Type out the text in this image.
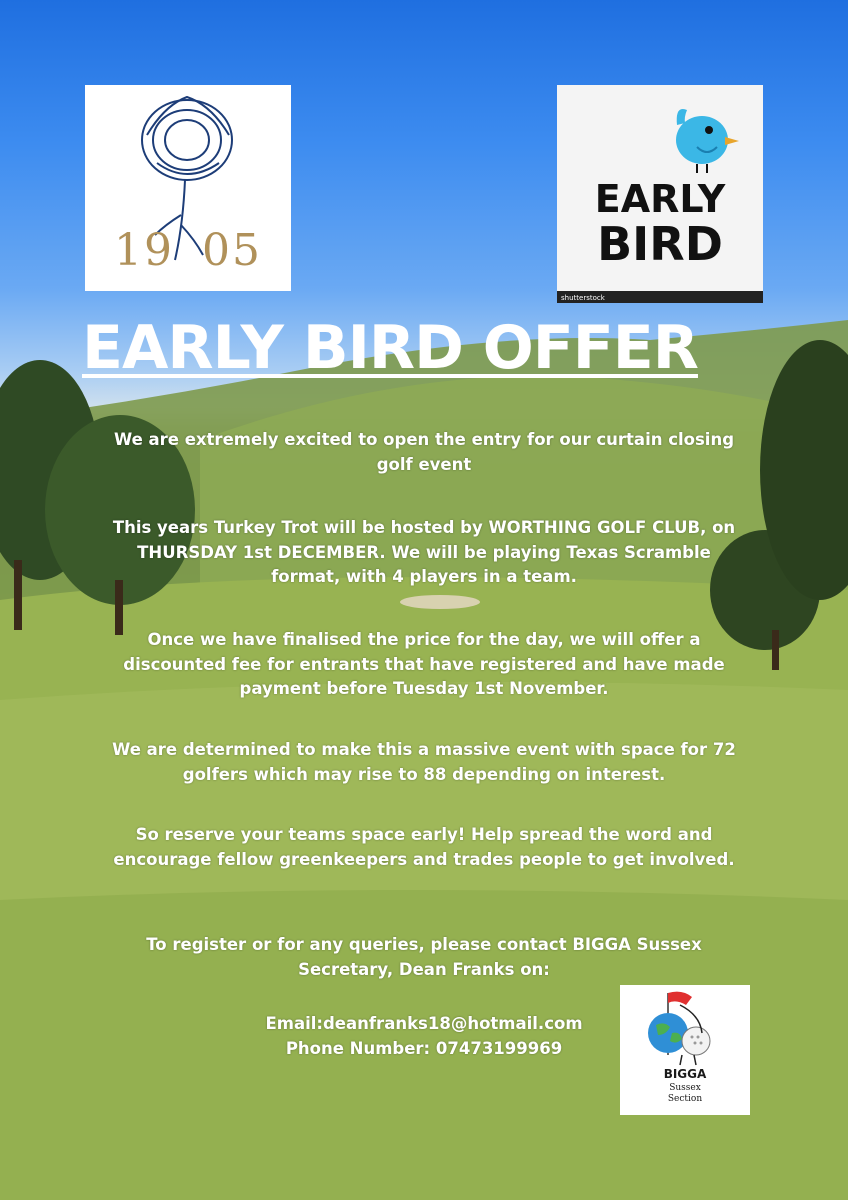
19 05
EARLY
BIRD
shutterstock
EARLY BIRD OFFER
We are extremely excited to open the entry for our curtain closing golf event
This years Turkey Trot will be hosted by WORTHING GOLF CLUB, on THURSDAY 1st DECEMBER. We will be playing Texas Scramble format, with 4 players in a team.
Once we have finalised the price for the day, we will offer a discounted fee for entrants that have registered and have made payment before Tuesday 1st November.
We are determined to make this a massive event with space for 72 golfers which may rise to 88 depending on interest.
So reserve your teams space early! Help spread the word and encourage fellow greenkeepers and trades people to get involved.
To register or for any queries, please contact BIGGA Sussex Secretary, Dean Franks on:
Email:deanfranks18@hotmail.com
Phone Number: 07473199969
BIGGA
Sussex
Section
